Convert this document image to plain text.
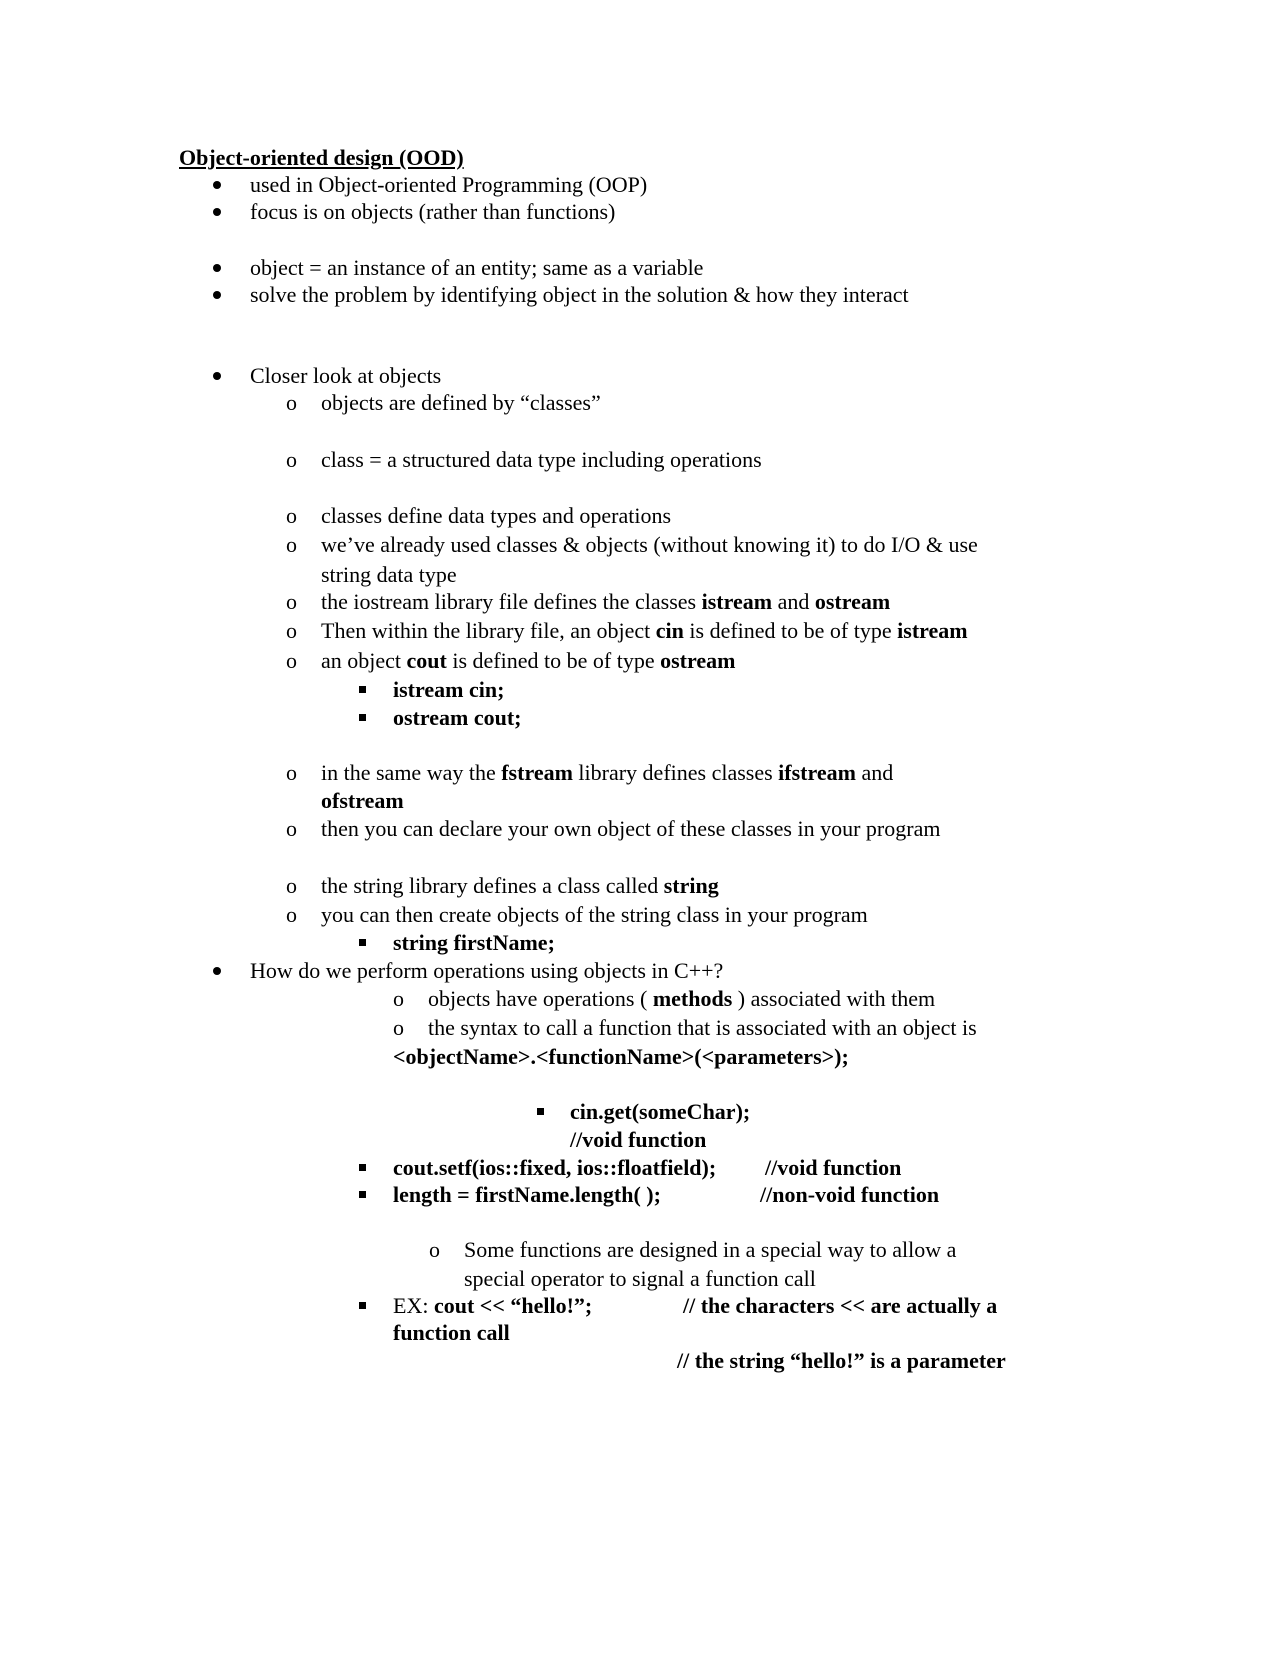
Object-oriented design (OOD)
used in Object-oriented Programming (OOP)
focus is on objects (rather than functions)
object = an instance of an entity; same as a variable
solve the problem by identifying object in the solution & how they interact
Closer look at objects
o objects are defined by “classes”
o class = a structured data type including operations
o classes define data types and operations
o we’ve already used classes & objects (without knowing it) to do I/O & use
string data type
o the iostream library file defines the classes istream and ostream
o Then within the library file, an object cin is defined to be of type istream
o an object cout is defined to be of type ostream
istream cin;
ostream cout;
o in the same way the fstream library defines classes ifstream and
ofstream
o then you can declare your own object of these classes in your program
o the string library defines a class called string
o you can then create objects of the string class in your program
string firstName;
How do we perform operations using objects in C++?
o objects have operations ( methods ) associated with them
o the syntax to call a function that is associated with an object is
<objectName>.<functionName>(<parameters>);
cin.get(someChar);
//void function
cout.setf(ios::fixed, ios::floatfield); //void function
length = firstName.length( );	//non-void function
o Some functions are designed in a special way to allow a
special operator to signal a function call
EX: cout << “hello!”;	// the characters << are actually a
function call
// the string “hello!” is a parameter
